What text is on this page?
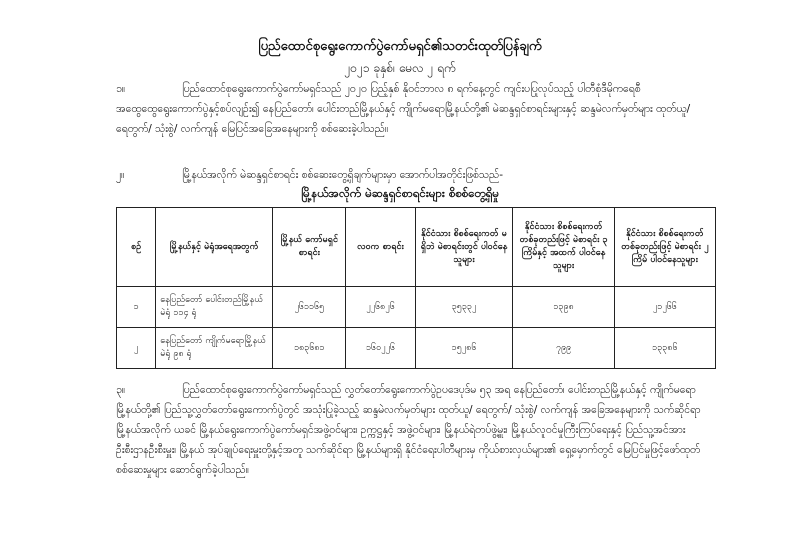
ပြည်ထောင်စုရွေးကောက်ပွဲကော်မရှင်၏သတင်းထုတ်ပြန်ချက်
၂၀၂၁ ခုနှစ်၊ မေလ ၂ ရက်
၁။	ပြည်ထောင်စုရွေးကောက်ပွဲကော်မရှင်သည် ၂၀၂၀ ပြည့်နှစ် နိုဝင်ဘာလ ၈ ရက်နေ့တွင် ကျင်းပပြုလုပ်သည့် ပါတီစုံဒီမိုကရေစီအထွေထွေရွေးကောက်ပွဲနှင့်စပ်လျဉ်း၍ နေပြည်တော်၊ ပေါင်းတည်မြို့နယ်နှင့် ကျိုက်မရောမြို့နယ်တို့၏ မဲဆန္ဒရှင်စာရင်းများနှင့် ဆန္ဒမဲလက်မှတ်များ ထုတ်ယူ/ ရေတွက်/ သုံးစွဲ/ လက်ကျန် မြေပြင်အခြေအနေများကို စစ်ဆေးခဲ့ပါသည်။
၂။	မြို့နယ်အလိုက် မဲဆန္ဒရှင်စာရင်း စစ်ဆေးတွေ့ရှိချက်များမှာ အောက်ပါအတိုင်းဖြစ်သည်-
မြို့နယ်အလိုက် မဲဆန္ဒရှင်စာရင်းများ စိစစ်တွေ့ရှိမှု
စဉ်	မြို့နယ်နှင့် မဲရုံအရေအတွက်	မြို့နယ် ကော်မရှင် စာရင်း	လဝက စာရင်း	နိုင်ငံသား စိစစ်ရေးကတ် မရှိဘဲ မဲစာရင်းတွင် ပါဝင်နေသူများ	နိုင်ငံသား စိစစ်ရေးကတ် တစ်ခုတည်းဖြင့် မဲစာရင်း ၃ ကြိမ်နှင့် အထက် ပါဝင်နေသူများ	နိုင်ငံသား စိစစ်ရေးကတ် တစ်ခုတည်းဖြင့် မဲစာရင်း ၂ ကြိမ် ပါဝင်နေသူများ
၁	နေပြည်တော် ပေါင်းတည်မြို့နယ် မဲရုံ ၁၁၄ ရုံ	၂၆၁၁၆၅	၂၂၆၈၂၆	၃၅၃၃၂	၁၃၉၈	၂၁၂၆၆
၂	နေပြည်တော် ကျိုက်မရောမြို့နယ် မဲရုံ ၉၈ ရုံ	၁၈၃၆၈၁	၁၆၀၂၂၆	၁၅၂၈၆	၇၉၉	၁၃၃၈၆
၃။	ပြည်ထောင်စုရွေးကောက်ပွဲကော်မရှင်သည် လွှတ်တော်ရွေးကောက်ပွဲဥပဒေပုဒ်မ ၅၃ အရ နေပြည်တော်၊ ပေါင်းတည်မြို့နယ်နှင့် ကျိုက်မရောမြို့နယ်တို့၏ ပြည်သူ့လွှတ်တော်ရွေးကောက်ပွဲတွင် အသုံးပြုခဲ့သည့် ဆန္ဒမဲလက်မှတ်များ ထုတ်ယူ/ ရေတွက်/ သုံးစွဲ/ လက်ကျန် အခြေအနေများကို သက်ဆိုင်ရာမြို့နယ်အလိုက် ယခင် မြို့နယ်ရွေးကောက်ပွဲကော်မရှင်အဖွဲ့ဝင်များ၊ ဥက္ကဋ္ဌနှင့် အဖွဲ့ဝင်များ၊ မြို့နယ်ရဲတပ်ဖွဲ့မှူး၊ မြို့နယ်လူဝင်မှုကြီးကြပ်ရေးနှင့် ပြည်သူ့အင်အားဦးစီးဌာနဦးစီးမှူး၊ မြို့နယ် အုပ်ချုပ်ရေးမှူးတို့နှင့်အတူ သက်ဆိုင်ရာ မြို့နယ်များရှိ နိုင်ငံရေးပါတီများမှ ကိုယ်စားလှယ်များ၏ ရှေ့မှောက်တွင် မြေပြင်မှုဖြင့်ဖော်ထုတ်စစ်ဆေးမှုများ ဆောင်ရွက်ခဲ့ပါသည်။
